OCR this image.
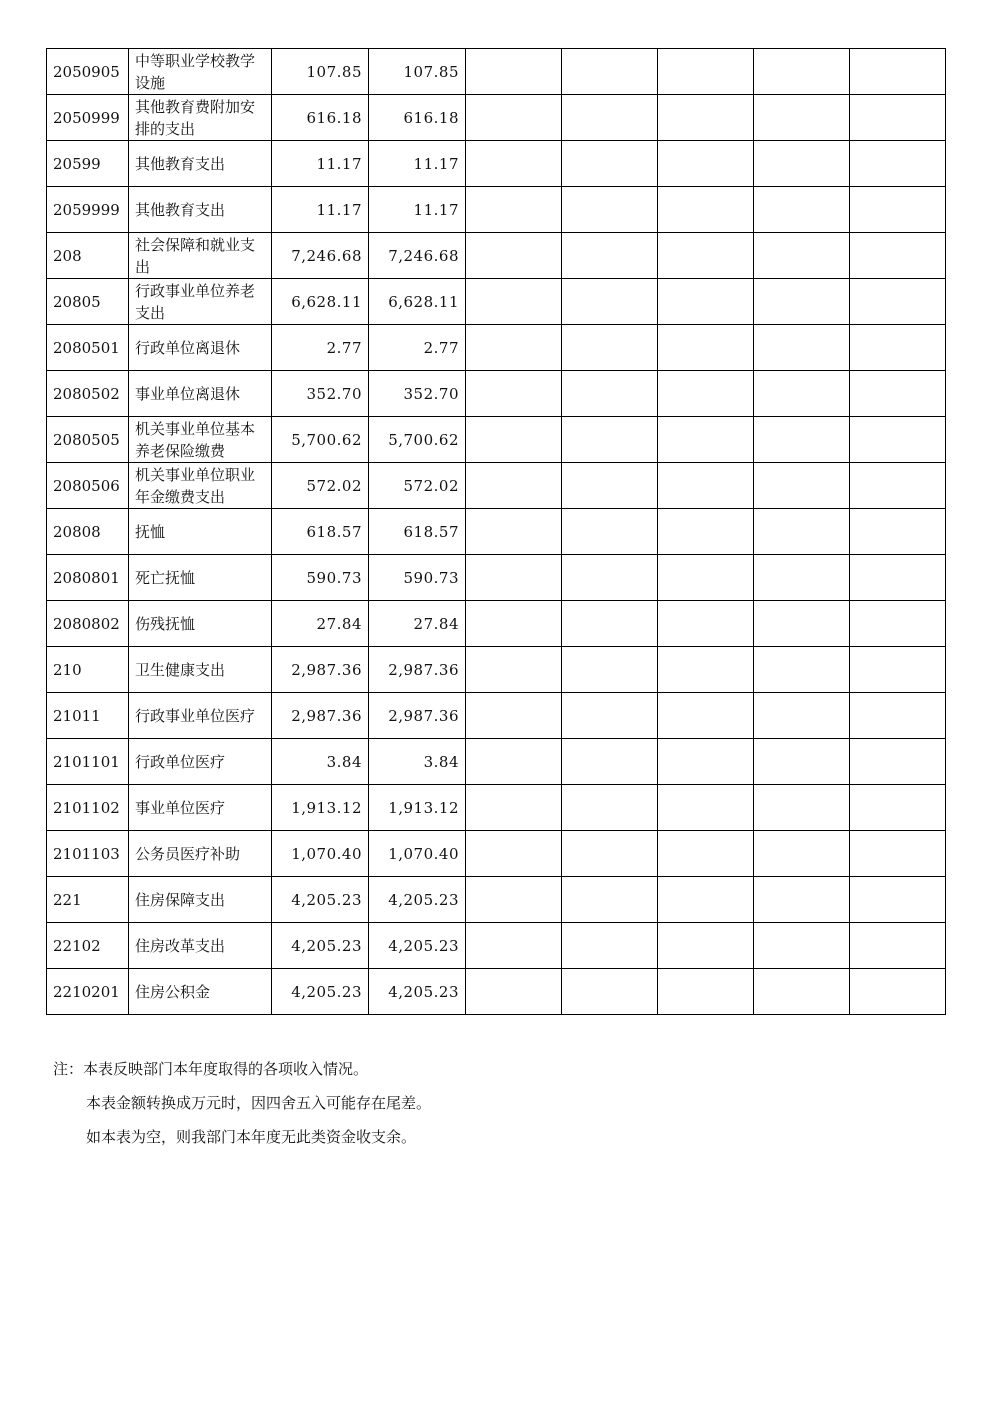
2050905	中等职业学校教学设施	107.85	107.85					
2050999	其他教育费附加安排的支出	616.18	616.18					
20599	其他教育支出	11.17	11.17					
2059999	其他教育支出	11.17	11.17					
208	社会保障和就业支出	7,246.68	7,246.68					
20805	行政事业单位养老支出	6,628.11	6,628.11					
2080501	行政单位离退休	2.77	2.77					
2080502	事业单位离退休	352.70	352.70					
2080505	机关事业单位基本养老保险缴费	5,700.62	5,700.62					
2080506	机关事业单位职业年金缴费支出	572.02	572.02					
20808	抚恤	618.57	618.57					
2080801	死亡抚恤	590.73	590.73					
2080802	伤残抚恤	27.84	27.84					
210	卫生健康支出	2,987.36	2,987.36					
21011	行政事业单位医疗	2,987.36	2,987.36					
2101101	行政单位医疗	3.84	3.84					
2101102	事业单位医疗	1,913.12	1,913.12					
2101103	公务员医疗补助	1,070.40	1,070.40					
221	住房保障支出	4,205.23	4,205.23					
22102	住房改革支出	4,205.23	4,205.23					
2210201	住房公积金	4,205.23	4,205.23					
注：本表反映部门本年度取得的各项收入情况。
本表金额转换成万元时，因四舍五入可能存在尾差。
如本表为空，则我部门本年度无此类资金收支余。
